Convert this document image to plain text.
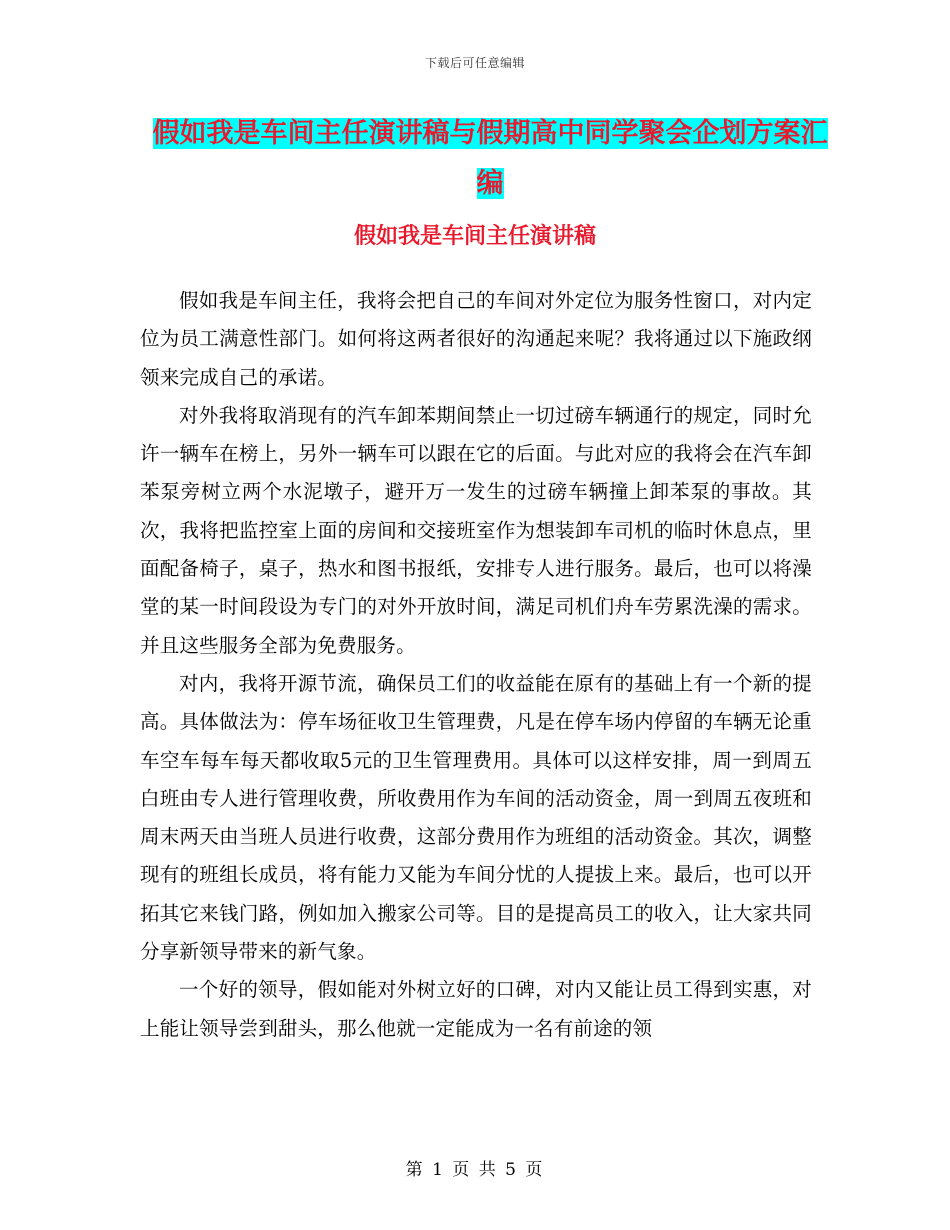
下载后可任意编辑
假如我是车间主任演讲稿与假期高中同学聚会企划方案汇编
假如我是车间主任演讲稿

假如我是车间主任，我将会把自己的车间对外定位为服务性窗口，对内定位为员工满意性部门。如何将这两者很好的沟通起来呢？我将通过以下施政纲领来完成自己的承诺。

对外我将取消现有的汽车卸苯期间禁止一切过磅车辆通行的规定，同时允许一辆车在榜上，另外一辆车可以跟在它的后面。与此对应的我将会在汽车卸苯泵旁树立两个水泥墩子，避开万一发生的过磅车辆撞上卸苯泵的事故。其次，我将把监控室上面的房间和交接班室作为想装卸车司机的临时休息点，里面配备椅子，桌子，热水和图书报纸，安排专人进行服务。最后，也可以将澡堂的某一时间段设为专门的对外开放时间，满足司机们舟车劳累洗澡的需求。并且这些服务全部为免费服务。

对内，我将开源节流，确保员工们的收益能在原有的基础上有一个新的提高。具体做法为：停车场征收卫生管理费，凡是在停车场内停留的车辆无论重车空车每车每天都收取5元的卫生管理费用。具体可以这样安排，周一到周五白班由专人进行管理收费，所收费用作为车间的活动资金，周一到周五夜班和周末两天由当班人员进行收费，这部分费用作为班组的活动资金。其次，调整现有的班组长成员，将有能力又能为车间分忧的人提拔上来。最后，也可以开拓其它来钱门路，例如加入搬家公司等。目的是提高员工的收入，让大家共同分享新领导带来的新气象。

一个好的领导，假如能对外树立好的口碑，对内又能让员工得到实惠，对上能让领导尝到甜头，那么他就一定能成为一名有前途的领

第 1 页 共 5 页
